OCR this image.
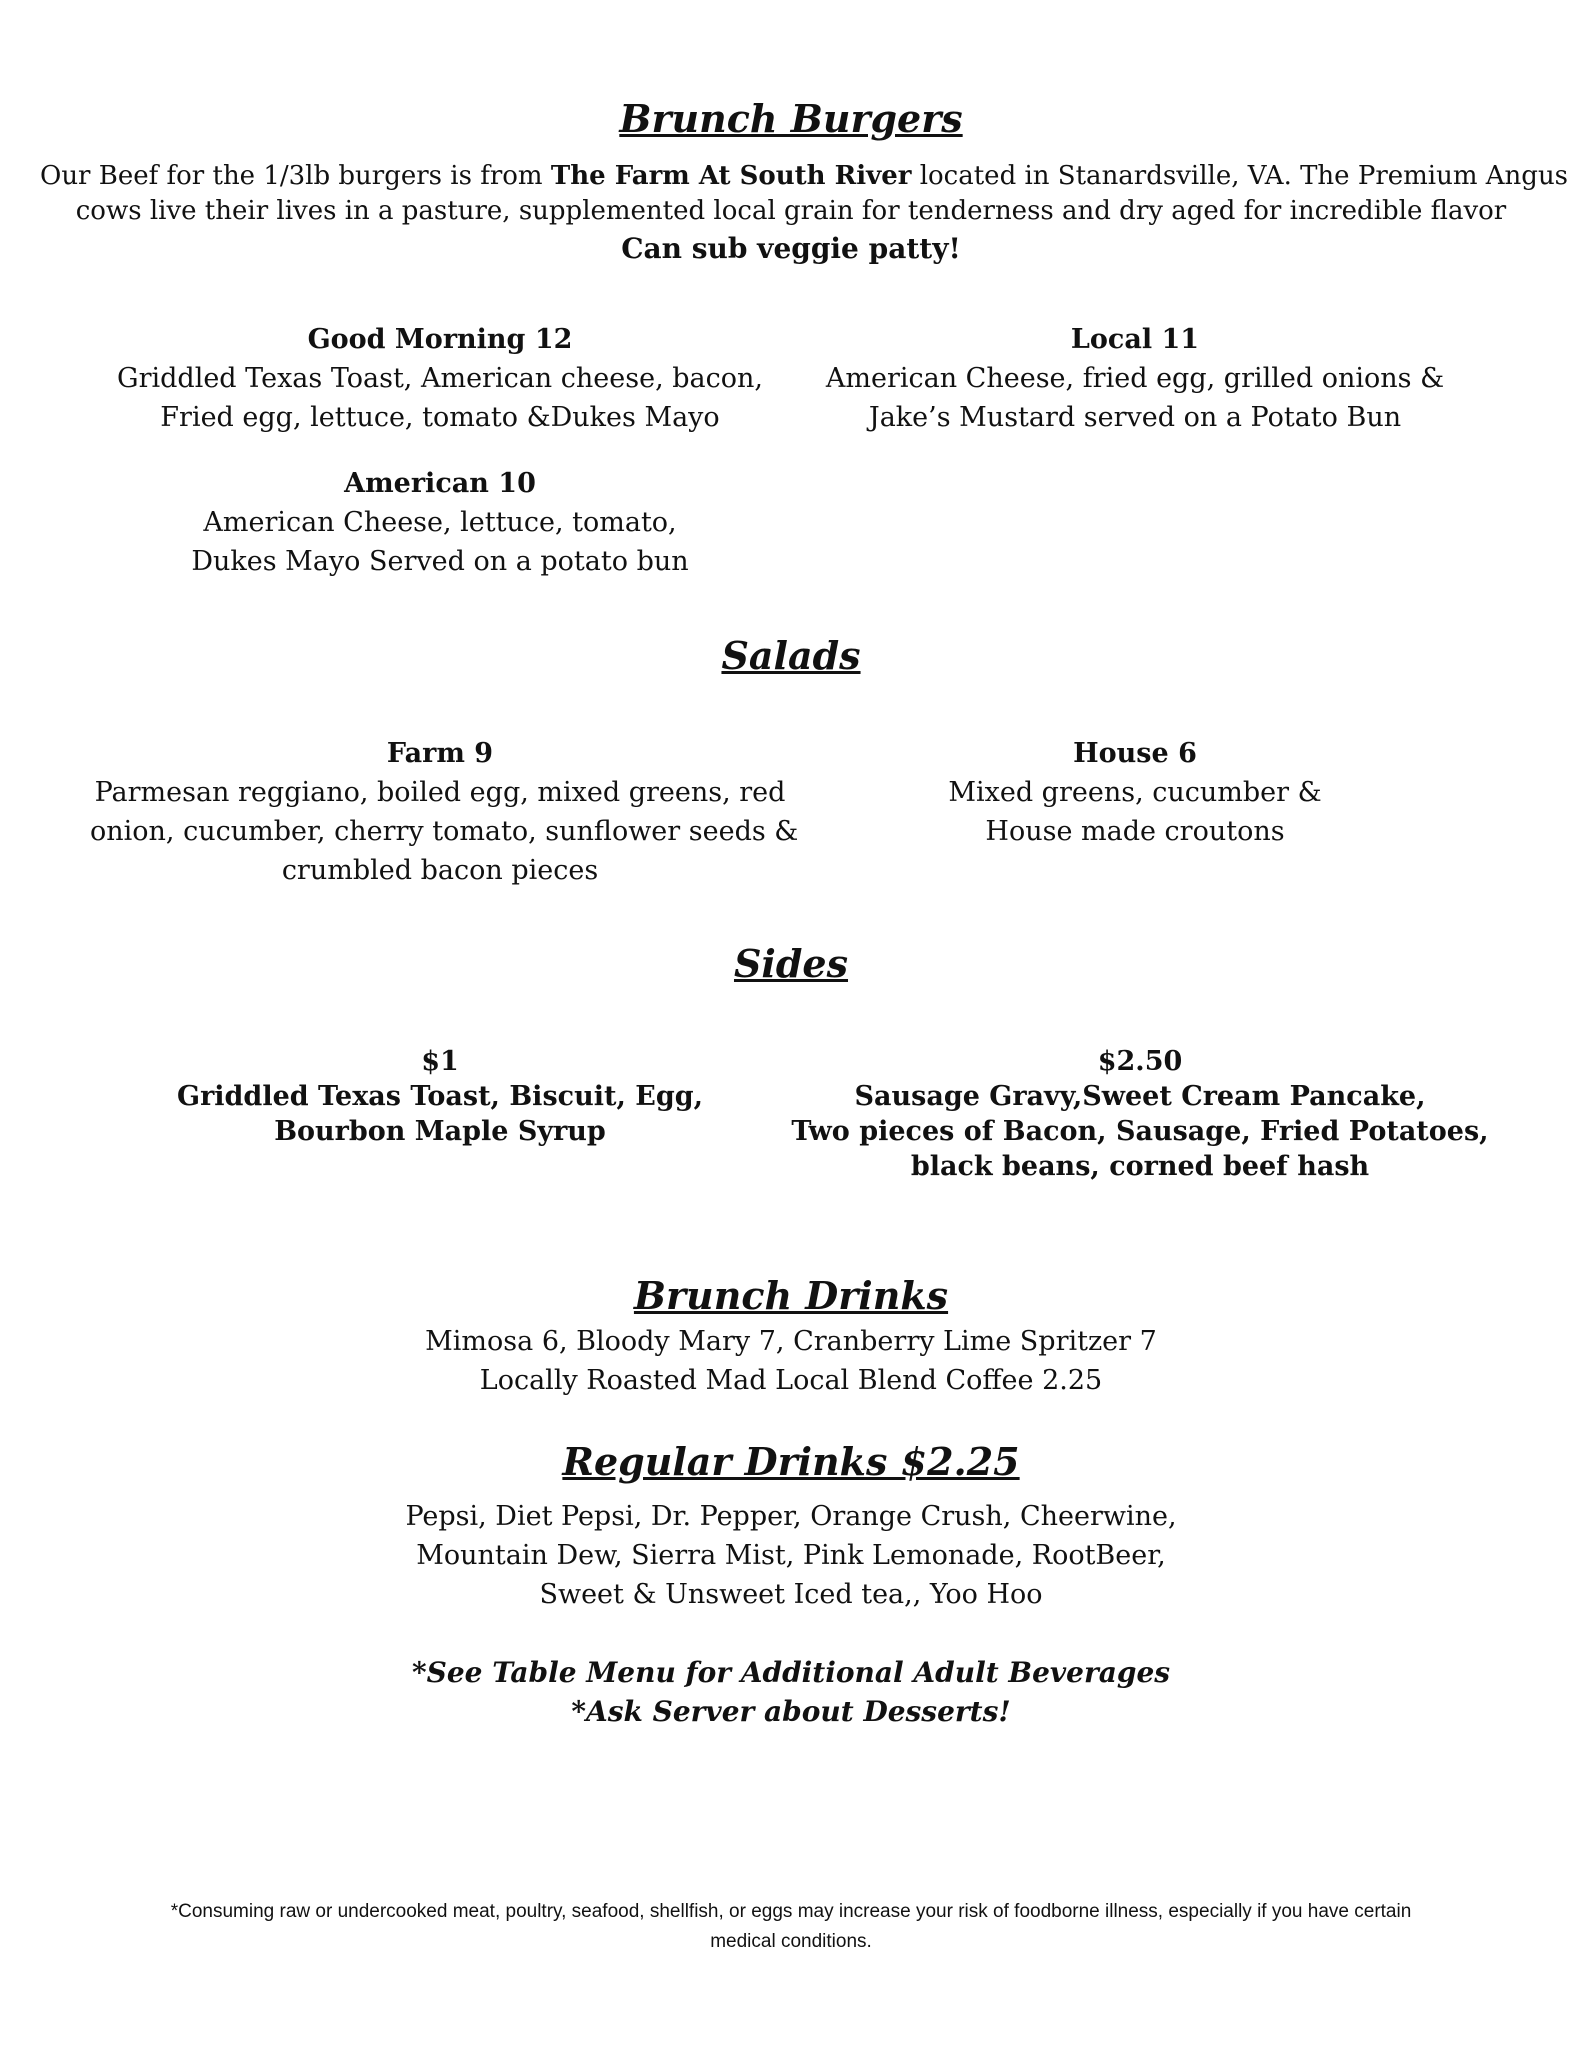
Brunch Burgers
Our Beef for the 1/3lb burgers is from The Farm At South River located in Stanardsville, VA. The Premium Angus
cows live their lives in a pasture, supplemented local grain for tenderness and dry aged for incredible flavor
Can sub veggie patty!
Good Morning 12
Griddled Texas Toast, American cheese, bacon,
Fried egg, lettuce, tomato &Dukes Mayo
Local 11
American Cheese, fried egg, grilled onions &
Jake’s Mustard served on a Potato Bun
American 10
American Cheese, lettuce, tomato,
Dukes Mayo Served on a potato bun
Salads
Farm 9
Parmesan reggiano, boiled egg, mixed greens, red
onion, cucumber, cherry tomato, sunflower seeds &
crumbled bacon pieces
House 6
Mixed greens, cucumber &
House made croutons
Sides
$1
Griddled Texas Toast, Biscuit, Egg,
Bourbon Maple Syrup
$2.50
Sausage Gravy,Sweet Cream Pancake,
Two pieces of Bacon, Sausage, Fried Potatoes,
black beans, corned beef hash
Brunch Drinks
Mimosa 6, Bloody Mary 7, Cranberry Lime Spritzer 7
Locally Roasted Mad Local Blend Coffee 2.25
Regular Drinks $2.25
Pepsi, Diet Pepsi, Dr. Pepper, Orange Crush, Cheerwine,
Mountain Dew, Sierra Mist, Pink Lemonade, RootBeer,
Sweet & Unsweet Iced tea,, Yoo Hoo
*See Table Menu for Additional Adult Beverages
*Ask Server about Desserts!
*Consuming raw or undercooked meat, poultry, seafood, shellfish, or eggs may increase your risk of foodborne illness, especially if you have certain
medical conditions.
